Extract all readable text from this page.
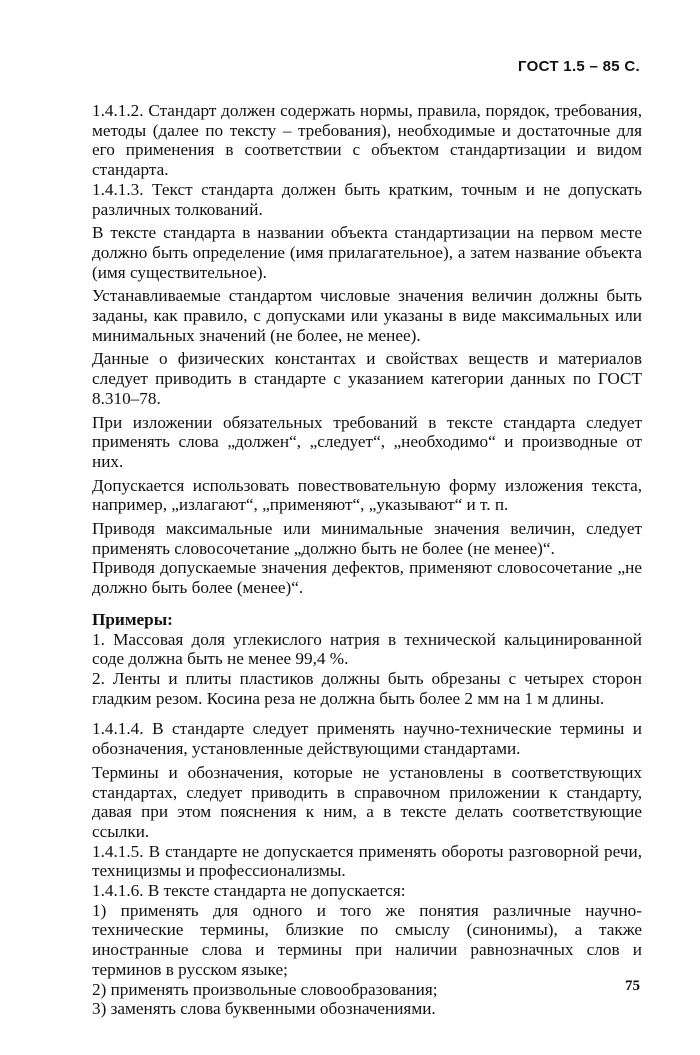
ГОСТ 1.5 – 85 С.

1.4.1.2. Стандарт должен содержать нормы, правила, порядок, требования, методы (далее по тексту – требования), необходимые и достаточные для его применения в соответствии с объектом стандартизации и видом стандарта.

1.4.1.3. Текст стандарта должен быть кратким, точным и не допускать различных толкований.

В тексте стандарта в названии объекта стандартизации на первом месте должно быть определение (имя прилагательное), а затем название объекта (имя существительное).

Устанавливаемые стандартом числовые значения величин должны быть заданы, как правило, с допусками или указаны в виде максимальных или минимальных значений (не более, не менее).

Данные о физических константах и свойствах веществ и материалов следует приводить в стандарте с указанием категории данных по ГОСТ 8.310–78.

При изложении обязательных требований в тексте стандарта следует применять слова „должен“, „следует“, „необходимо“ и производные от них.

Допускается использовать повествовательную форму изложения текста, например, „излагают“, „применяют“, „указывают“ и т. п.

Приводя максимальные или минимальные значения величин, следует применять словосочетание „должно быть не более (не менее)“.

Приводя допускаемые значения дефектов, применяют словосочетание „не должно быть более (менее)“.

Примеры:

1. Массовая доля углекислого натрия в технической кальцинированной соде должна быть не менее 99,4 %.

2. Ленты и плиты пластиков должны быть обрезаны с четырех сторон гладким резом. Косина реза не должна быть более 2 мм на 1 м длины.

1.4.1.4. В стандарте следует применять научно-технические термины и обозначения, установленные действующими стандартами.

Термины и обозначения, которые не установлены в соответствующих стандартах, следует приводить в справочном приложении к стандарту, давая при этом пояснения к ним, а в тексте делать соответствующие ссылки.

1.4.1.5. В стандарте не допускается применять обороты разговорной речи, техницизмы и профессионализмы.

1.4.1.6. В тексте стандарта не допускается:

1) применять для одного и того же понятия различные научно-технические термины, близкие по смыслу (синонимы), а также иностранные слова и термины при наличии равнозначных слов и терминов в русском языке;

2) применять произвольные словообразования;

3) заменять слова буквенными обозначениями.

75
